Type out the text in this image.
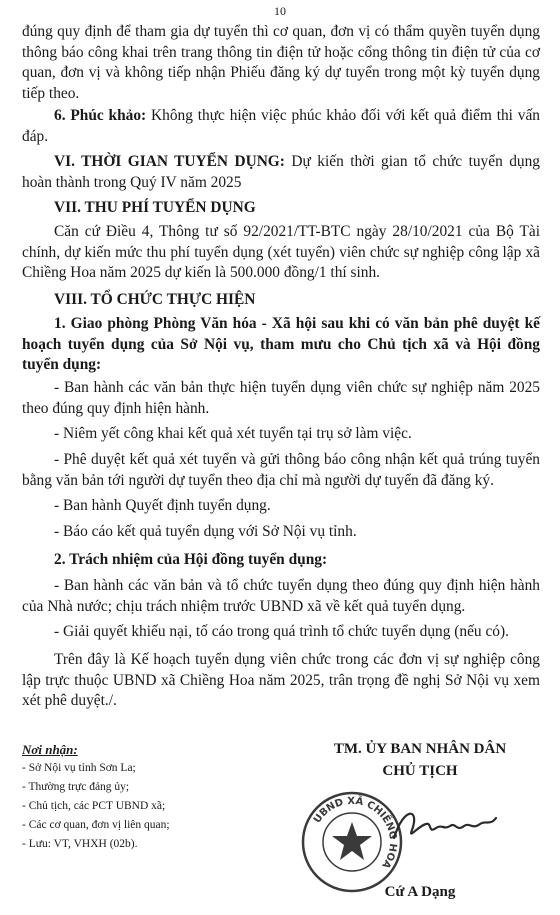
10

đúng quy định để tham gia dự tuyển thì cơ quan, đơn vị có thẩm quyền tuyển dụng thông báo công khai trên trang thông tin điện tử hoặc cổng thông tin điện tử của cơ quan, đơn vị và không tiếp nhận Phiếu đăng ký dự tuyển trong một kỳ tuyển dụng tiếp theo.

6. Phúc khảo: Không thực hiện việc phúc khảo đối với kết quả điểm thi vấn đáp.

VI. THỜI GIAN TUYỂN DỤNG: Dự kiến thời gian tổ chức tuyển dụng hoàn thành trong Quý IV năm 2025

VII. THU PHÍ TUYỂN DỤNG

Căn cứ Điều 4, Thông tư số 92/2021/TT-BTC ngày 28/10/2021 của Bộ Tài chính, dự kiến mức thu phí tuyển dụng (xét tuyển) viên chức sự nghiệp công lập xã Chiềng Hoa năm 2025 dự kiến là 500.000 đồng/1 thí sinh.

VIII. TỔ CHỨC THỰC HIỆN

1. Giao phòng Phòng Văn hóa - Xã hội sau khi có văn bản phê duyệt kế hoạch tuyển dụng của Sở Nội vụ, tham mưu cho Chủ tịch xã và Hội đồng tuyển dụng:

- Ban hành các văn bản thực hiện tuyển dụng viên chức sự nghiệp năm 2025 theo đúng quy định hiện hành.

- Niêm yết công khai kết quả xét tuyển tại trụ sở làm việc.

- Phê duyệt kết quả xét tuyển và gửi thông báo công nhận kết quả trúng tuyển bằng văn bản tới người dự tuyển theo địa chỉ mà người dự tuyển đã đăng ký.

- Ban hành Quyết định tuyển dụng.

- Báo cáo kết quả tuyển dụng với Sở Nội vụ tỉnh.

2. Trách nhiệm của Hội đồng tuyển dụng:

- Ban hành các văn bản và tổ chức tuyển dụng theo đúng quy định hiện hành của Nhà nước; chịu trách nhiệm trước UBND xã về kết quả tuyển dụng.

- Giải quyết khiếu nại, tố cáo trong quá trình tổ chức tuyển dụng (nếu có).

Trên đây là Kế hoạch tuyển dụng viên chức trong các đơn vị sự nghiệp công lập trực thuộc UBND xã Chiềng Hoa năm 2025, trân trọng đề nghị Sở Nội vụ xem xét phê duyệt./.

Nơi nhận:
- Sở Nội vụ tỉnh Sơn La;
- Thường trực đảng ủy;
- Chủ tịch, các PCT UBND xã;
- Các cơ quan, đơn vị liên quan;
- Lưu: VT, VHXH (02b).
TM. ỦY BAN NHÂN DÂN
CHỦ TỊCH
UBND XÃ CHIỀNG HOA
Cứ A Dạng
